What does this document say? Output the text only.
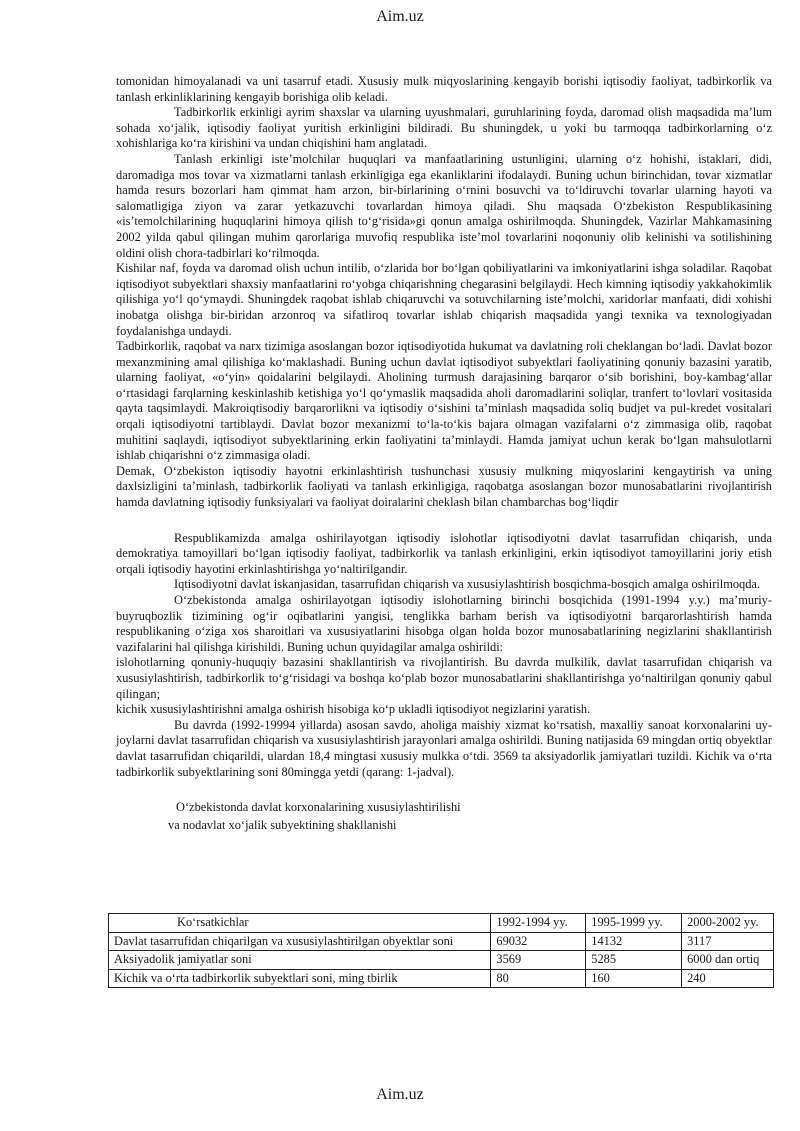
Aim.uz

tomonidan himoyalanadi va uni tasarruf etadi. Xususiy mulk miqyoslarining kengayib borishi iqtisodiy faoliyat, tadbirkorlik va tanlash erkinliklarining kengayib borishiga olib keladi.

Tadbirkorlik erkinligi ayrim shaxslar va ularning uyushmalari, guruhlarining foyda, daromad olish maqsadida ma’lum sohada xo‘jalik, iqtisodiy faoliyat yuritish erkinligini bildiradi. Bu shuningdek, u yoki bu tarmoqqa tadbirkorlarning o‘z xohishlariga ko‘ra kirishini va undan chiqishini ham anglatadi.

Tanlash erkinligi iste’molchilar huquqlari va manfaatlarining ustunligini, ularning o‘z hohishi, istaklari, didi, daromadiga mos tovar va xizmatlarni tanlash erkinligiga ega ekanliklarini ifodalaydi. Buning uchun birinchidan, tovar xizmatlar hamda resurs bozorlari ham qimmat ham arzon, bir-birlarining o‘rnini bosuvchi va to‘ldiruvchi tovarlar ularning hayoti va salomatligiga ziyon va zarar yetkazuvchi tovarlardan himoya qiladi. Shu maqsada O‘zbekiston Respublikasining «is’temolchilarining huquqlarini himoya qilish to‘g‘risida»gi qonun amalga oshirilmoqda. Shuningdek, Vazirlar Mahkamasining 2002 yilda qabul qilingan muhim qarorlariga muvofiq respublika iste’mol tovarlarini noqonuniy olib kelinishi va sotilishining oldini olish chora-tadbirlari ko‘rilmoqda.

Kishilar naf, foyda va daromad olish uchun intilib, o‘zlarida bor bo‘lgan qobiliyatlarini va imkoniyatlarini ishga soladilar. Raqobat iqtisodiyot subyektlari shaxsiy manfaatlarini ro‘yobga chiqarishning chegarasini belgilaydi. Hech kimning iqtisodiy yakkahokimlik qilishiga yo‘l qo‘ymaydi. Shuningdek raqobat ishlab chiqaruvchi va sotuvchilarning iste’molchi, xaridorlar manfaati, didi xohishi inobatga olishga bir-biridan arzonroq va sifatliroq tovarlar ishlab chiqarish maqsadida yangi texnika va texnologiyadan foydalanishga undaydi.

Tadbirkorlik, raqobat va narx tizimiga asoslangan bozor iqtisodiyotida hukumat va davlatning roli cheklangan bo‘ladi. Davlat bozor mexanzmining amal qilishiga ko‘maklashadi. Buning uchun davlat iqtisodiyot subyektlari faoliyatining qonuniy bazasini yaratib, ularning faoliyat, «o‘yin» qoidalarini belgilaydi. Aholining turmush darajasining barqaror o‘sib borishini, boy-kambag‘allar o‘rtasidagi farqlarning keskinlashib ketishiga yo‘l qo‘ymaslik maqsadida aholi daromadlarini soliqlar, tranfert to‘lovlari vositasida qayta taqsimlaydi. Makroiqtisodiy barqarorlikni va iqtisodiy o‘sishini ta’minlash maqsadida soliq budjet va pul-kredet vositalari orqali iqtisodiyotni tartiblaydi. Davlat bozor mexanizmi to‘la-to‘kis bajara olmagan vazifalarni o‘z zimmasiga olib, raqobat muhitini saqlaydi, iqtisodiyot subyektlarining erkin faoliyatini ta’minlaydi. Hamda jamiyat uchun kerak bo‘lgan mahsulotlarni ishlab chiqarishni o‘z zimmasiga oladi.

Demak, O‘zbekiston iqtisodiy hayotni erkinlashtirish tushunchasi xususiy mulkning miqyoslarini kengaytirish va uning daxlsizligini ta’minlash, tadbirkorlik faoliyati va tanlash erkinligiga, raqobatga asoslangan bozor munosabatlarini rivojlantirish hamda davlatning iqtisodiy funksiyalari va faoliyat doiralarini cheklash bilan chambarchas bog‘liqdir

Respublikamizda amalga oshirilayotgan iqtisodiy islohotlar iqtisodiyotni davlat tasarrufidan chiqarish, unda demokratiya tamoyillari bo‘lgan iqtisodiy faoliyat, tadbirkorlik va tanlash erkinligini, erkin iqtisodiyot tamoyillarini joriy etish orqali iqtisodiy hayotini erkinlashtirishga yo‘naltirilgandir.

Iqtisodiyotni davlat iskanjasidan, tasarrufidan chiqarish va xususiylashtirish bosqichma-bosqich amalga oshirilmoqda.

O‘zbekistonda amalga oshirilayotgan iqtisodiy islohotlarning birinchi bosqichida (1991-1994 y.y.) ma’muriy-buyruqbozlik tizimining og‘ir oqibatlarini yangisi, tenglikka barham berish va iqtisodiyotni barqarorlashtirish hamda respublikaning o‘ziga xos sharoitlari va xususiyatlarini hisobga olgan holda bozor munosabatlarining negizlarini shakllantirish vazifalarini hal qilishga kirishildi. Buning uchun quyidagilar amalga oshirildi:

islohotlarning qonuniy-huquqiy bazasini shakllantirish va rivojlantirish. Bu davrda mulkilik, davlat tasarrufidan chiqarish va xususiylashtirish, tadbirkorlik to‘g‘risidagi va boshqa ko‘plab bozor munosabatlarini shakllantirishga yo‘naltirilgan qonuniy qabul qilingan;

kichik xususiylashtirishni amalga oshirish hisobiga ko‘p ukladli iqtisodiyot negizlarini yaratish.

Bu davrda (1992-19994 yillarda) asosan savdo, aholiga maishiy xizmat ko‘rsatish, maxalliy sanoat korxonalarini uy-joylarni davlat tasarrufidan chiqarish va xususiylashtirish jarayonlari amalga oshirildi. Buning natijasida 69 mingdan ortiq obyektlar davlat tasarrufidan chiqarildi, ulardan 18,4 mingtasi xususiy mulkka o‘tdi. 3569 ta aksiyadorlik jamiyatlari tuzildi. Kichik va o‘rta tadbirkorlik subyektlarining soni 80mingga yetdi (qarang: 1-jadval).

O‘zbekistonda davlat korxonalarining xususiylashtirilishi
va nodavlat xo‘jalik subyektining shakllanishi
Ko‘rsatkichlar	1992-1994 yy.	1995-1999 yy.	2000-2002 yy.
Davlat tasarrufidan chiqarilgan va xususiylashtirilgan obyektlar soni	69032	14132	3117
Aksiyadolik jamiyatlar soni	3569	5285	6000 dan ortiq
Kichik va o‘rta tadbirkorlik subyektlari soni, ming tbirlik	80	160	240
Aim.uz
